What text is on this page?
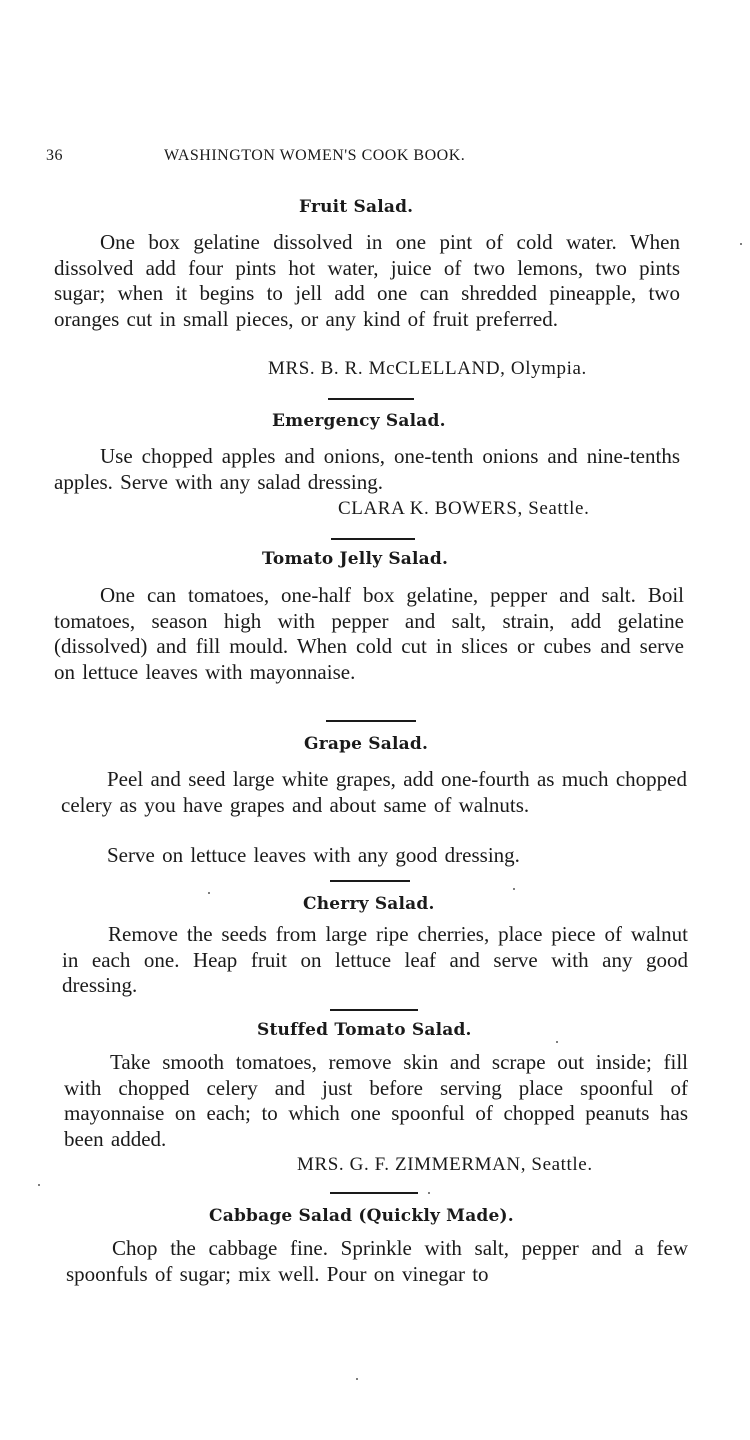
36	WASHINGTON WOMEN'S COOK BOOK.
Fruit Salad.
One box gelatine dissolved in one pint of cold water. When dissolved add four pints hot water, juice of two lemons, two pints sugar; when it begins to jell add one can shredded pineapple, two oranges cut in small pieces, or any kind of fruit preferred.
MRS. B. R. McCLELLAND, Olympia.
Emergency Salad.
Use chopped apples and onions, one-tenth onions and nine-tenths apples. Serve with any salad dressing.
CLARA K. BOWERS, Seattle.
Tomato Jelly Salad.
One can tomatoes, one-half box gelatine, pepper and salt. Boil tomatoes, season high with pepper and salt, strain, add gelatine (dissolved) and fill mould. When cold cut in slices or cubes and serve on lettuce leaves with mayonnaise.
Grape Salad.
Peel and seed large white grapes, add one-fourth as much chopped celery as you have grapes and about same of walnuts.
Serve on lettuce leaves with any good dressing.
Cherry Salad.
Remove the seeds from large ripe cherries, place piece of walnut in each one. Heap fruit on lettuce leaf and serve with any good dressing.
Stuffed Tomato Salad.
Take smooth tomatoes, remove skin and scrape out inside; fill with chopped celery and just before serving place spoonful of mayonnaise on each; to which one spoonful of chopped peanuts has been added.
MRS. G. F. ZIMMERMAN, Seattle.
Cabbage Salad (Quickly Made).
Chop the cabbage fine. Sprinkle with salt, pepper and a few spoonfuls of sugar; mix well. Pour on vinegar to
